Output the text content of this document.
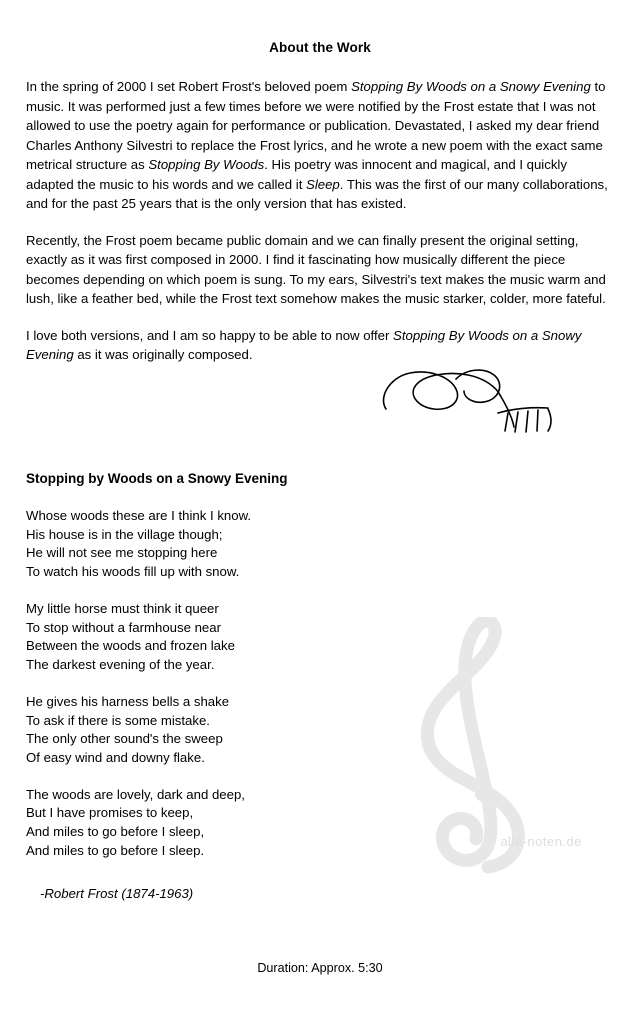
About the Work

In the spring of 2000 I set Robert Frost's beloved poem Stopping By Woods on a Snowy Evening to music. It was performed just a few times before we were notified by the Frost estate that I was not allowed to use the poetry again for performance or publication. Devastated, I asked my dear friend Charles Anthony Silvestri to replace the Frost lyrics, and he wrote a new poem with the exact same metrical structure as Stopping By Woods. His poetry was innocent and magical, and I quickly adapted the music to his words and we called it Sleep. This was the first of our many collaborations, and for the past 25 years that is the only version that has existed.

Recently, the Frost poem became public domain and we can finally present the original setting, exactly as it was first composed in 2000. I find it fascinating how musically different the piece becomes depending on which poem is sung. To my ears, Silvestri's text makes the music warm and lush, like a feather bed, while the Frost text somehow makes the music starker, colder, more fateful.

I love both versions, and I am so happy to be able to now offer Stopping By Woods on a Snowy Evening as it was originally composed.

Stopping by Woods on a Snowy Evening
Whose woods these are I think I know.
His house is in the village though;
He will not see me stopping here
To watch his woods fill up with snow.
My little horse must think it queer
To stop without a farmhouse near
Between the woods and frozen lake
The darkest evening of the year.
He gives his harness bells a shake
To ask if there is some mistake.
The only other sound's the sweep
Of easy wind and downy flake.
The woods are lovely, dark and deep,
But I have promises to keep,
And miles to go before I sleep,
And miles to go before I sleep.
-Robert Frost (1874-1963)
alle-noten.de
Duration: Approx. 5:30
